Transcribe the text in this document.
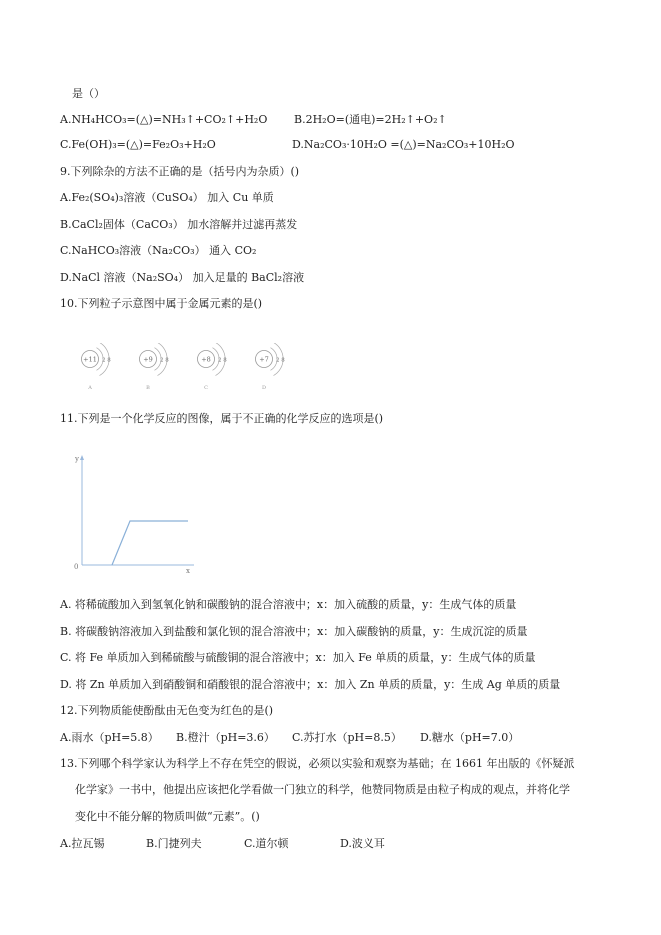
是（）
A.NH₄HCO₃=(△)=NH₃↑+CO₂↑+H₂O B.2H₂O=(通电)=2H₂↑+O₂↑
C.Fe(OH)₃=(△)=Fe₂O₃+H₂O	D.Na₂CO₃·10H₂O =(△)=Na₂CO₃+10H₂O
9.下列除杂的方法不正确的是（括号内为杂质）()
A.Fe₂(SO₄)₃溶液（CuSO₄） 加入 Cu 单质
B.CaCl₂固体（CaCO₃） 加水溶解并过滤再蒸发
C.NaHCO₃溶液（Na₂CO₃） 通入 CO₂
D.NaCl 溶液（Na₂SO₄） 加入足量的 BaCl₂溶液
10.下列粒子示意图中属于金属元素的是()
+11 2 8
A
+9 2 8
B
+8 2 8
C
+7 2 8
D
11.下列是一个化学反应的图像，属于不正确的化学反应的选项是()
y
0	x
A. 将稀硫酸加入到氢氧化钠和碳酸钠的混合溶液中；x：加入硫酸的质量，y：生成气体的质量
B. 将碳酸钠溶液加入到盐酸和氯化钡的混合溶液中；x：加入碳酸钠的质量，y：生成沉淀的质量
C. 将 Fe 单质加入到稀硫酸与硫酸铜的混合溶液中；x：加入 Fe 单质的质量，y：生成气体的质量
D. 将 Zn 单质加入到硝酸铜和硝酸银的混合溶液中；x：加入 Zn 单质的质量，y：生成 Ag 单质的质量
12.下列物质能使酚酞由无色变为红色的是()
A.雨水（pH=5.8） B.橙汁（pH=3.6） C.苏打水（pH=8.5） D.糖水（pH=7.0）
13.下列哪个科学家认为科学上不存在凭空的假说，必须以实验和观察为基础；在 1661 年出版的《怀疑派
化学家》一书中，他提出应该把化学看做一门独立的科学，他赞同物质是由粒子构成的观点，并将化学
变化中不能分解的物质叫做“元素”。()
A.拉瓦锡	B.门捷列夫	C.道尔顿	D.波义耳
